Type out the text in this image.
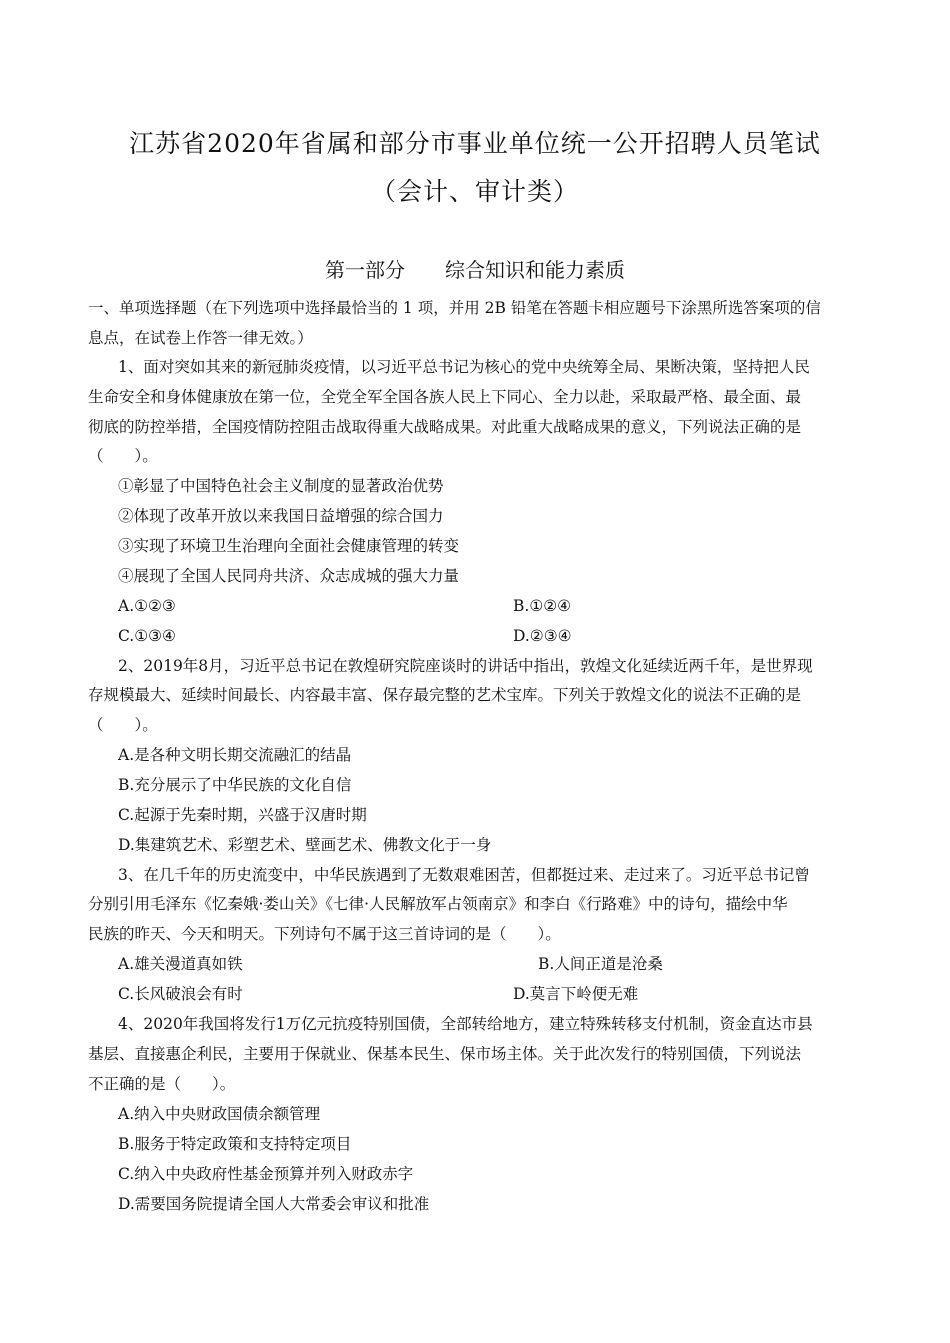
江苏省2020年省属和部分市事业单位统一公开招聘人员笔试
（会计、审计类）
第一部分　　综合知识和能力素质
一、单项选择题（在下列选项中选择最恰当的 1 项，并用 2B 铅笔在答题卡相应题号下涂黑所选答案项的信
息点，在试卷上作答一律无效。）
1、面对突如其来的新冠肺炎疫情，以习近平总书记为核心的党中央统筹全局、果断决策，坚持把人民
生命安全和身体健康放在第一位，全党全军全国各族人民上下同心、全力以赴，采取最严格、最全面、最
彻底的防控举措，全国疫情防控阻击战取得重大战略成果。对此重大战略成果的意义，下列说法正确的是
（　　）。
①彰显了中国特色社会主义制度的显著政治优势
②体现了改革开放以来我国日益增强的综合国力
③实现了环境卫生治理向全面社会健康管理的转变
④展现了全国人民同舟共济、众志成城的强大力量
A.①②③	B.①②④
C.①③④	D.②③④
2、2019年8月，习近平总书记在敦煌研究院座谈时的讲话中指出，敦煌文化延续近两千年，是世界现
存规模最大、延续时间最长、内容最丰富、保存最完整的艺术宝库。下列关于敦煌文化的说法不正确的是
（　　）。
A.是各种文明长期交流融汇的结晶
B.充分展示了中华民族的文化自信
C.起源于先秦时期，兴盛于汉唐时期
D.集建筑艺术、彩塑艺术、壁画艺术、佛教文化于一身
3、在几千年的历史流变中，中华民族遇到了无数艰难困苦，但都挺过来、走过来了。习近平总书记曾
分别引用毛泽东《忆秦娥·娄山关》《七律·人民解放军占领南京》和李白《行路难》中的诗句，描绘中华
民族的昨天、今天和明天。下列诗句不属于这三首诗词的是（　　）。
A.雄关漫道真如铁	B.人间正道是沧桑
C.长风破浪会有时	D.莫言下岭便无难
4、2020年我国将发行1万亿元抗疫特别国债，全部转给地方，建立特殊转移支付机制，资金直达市县
基层、直接惠企利民，主要用于保就业、保基本民生、保市场主体。关于此次发行的特别国债，下列说法
不正确的是（　　）。
A.纳入中央财政国债余额管理
B.服务于特定政策和支持特定项目
C.纳入中央政府性基金预算并列入财政赤字
D.需要国务院提请全国人大常委会审议和批准
